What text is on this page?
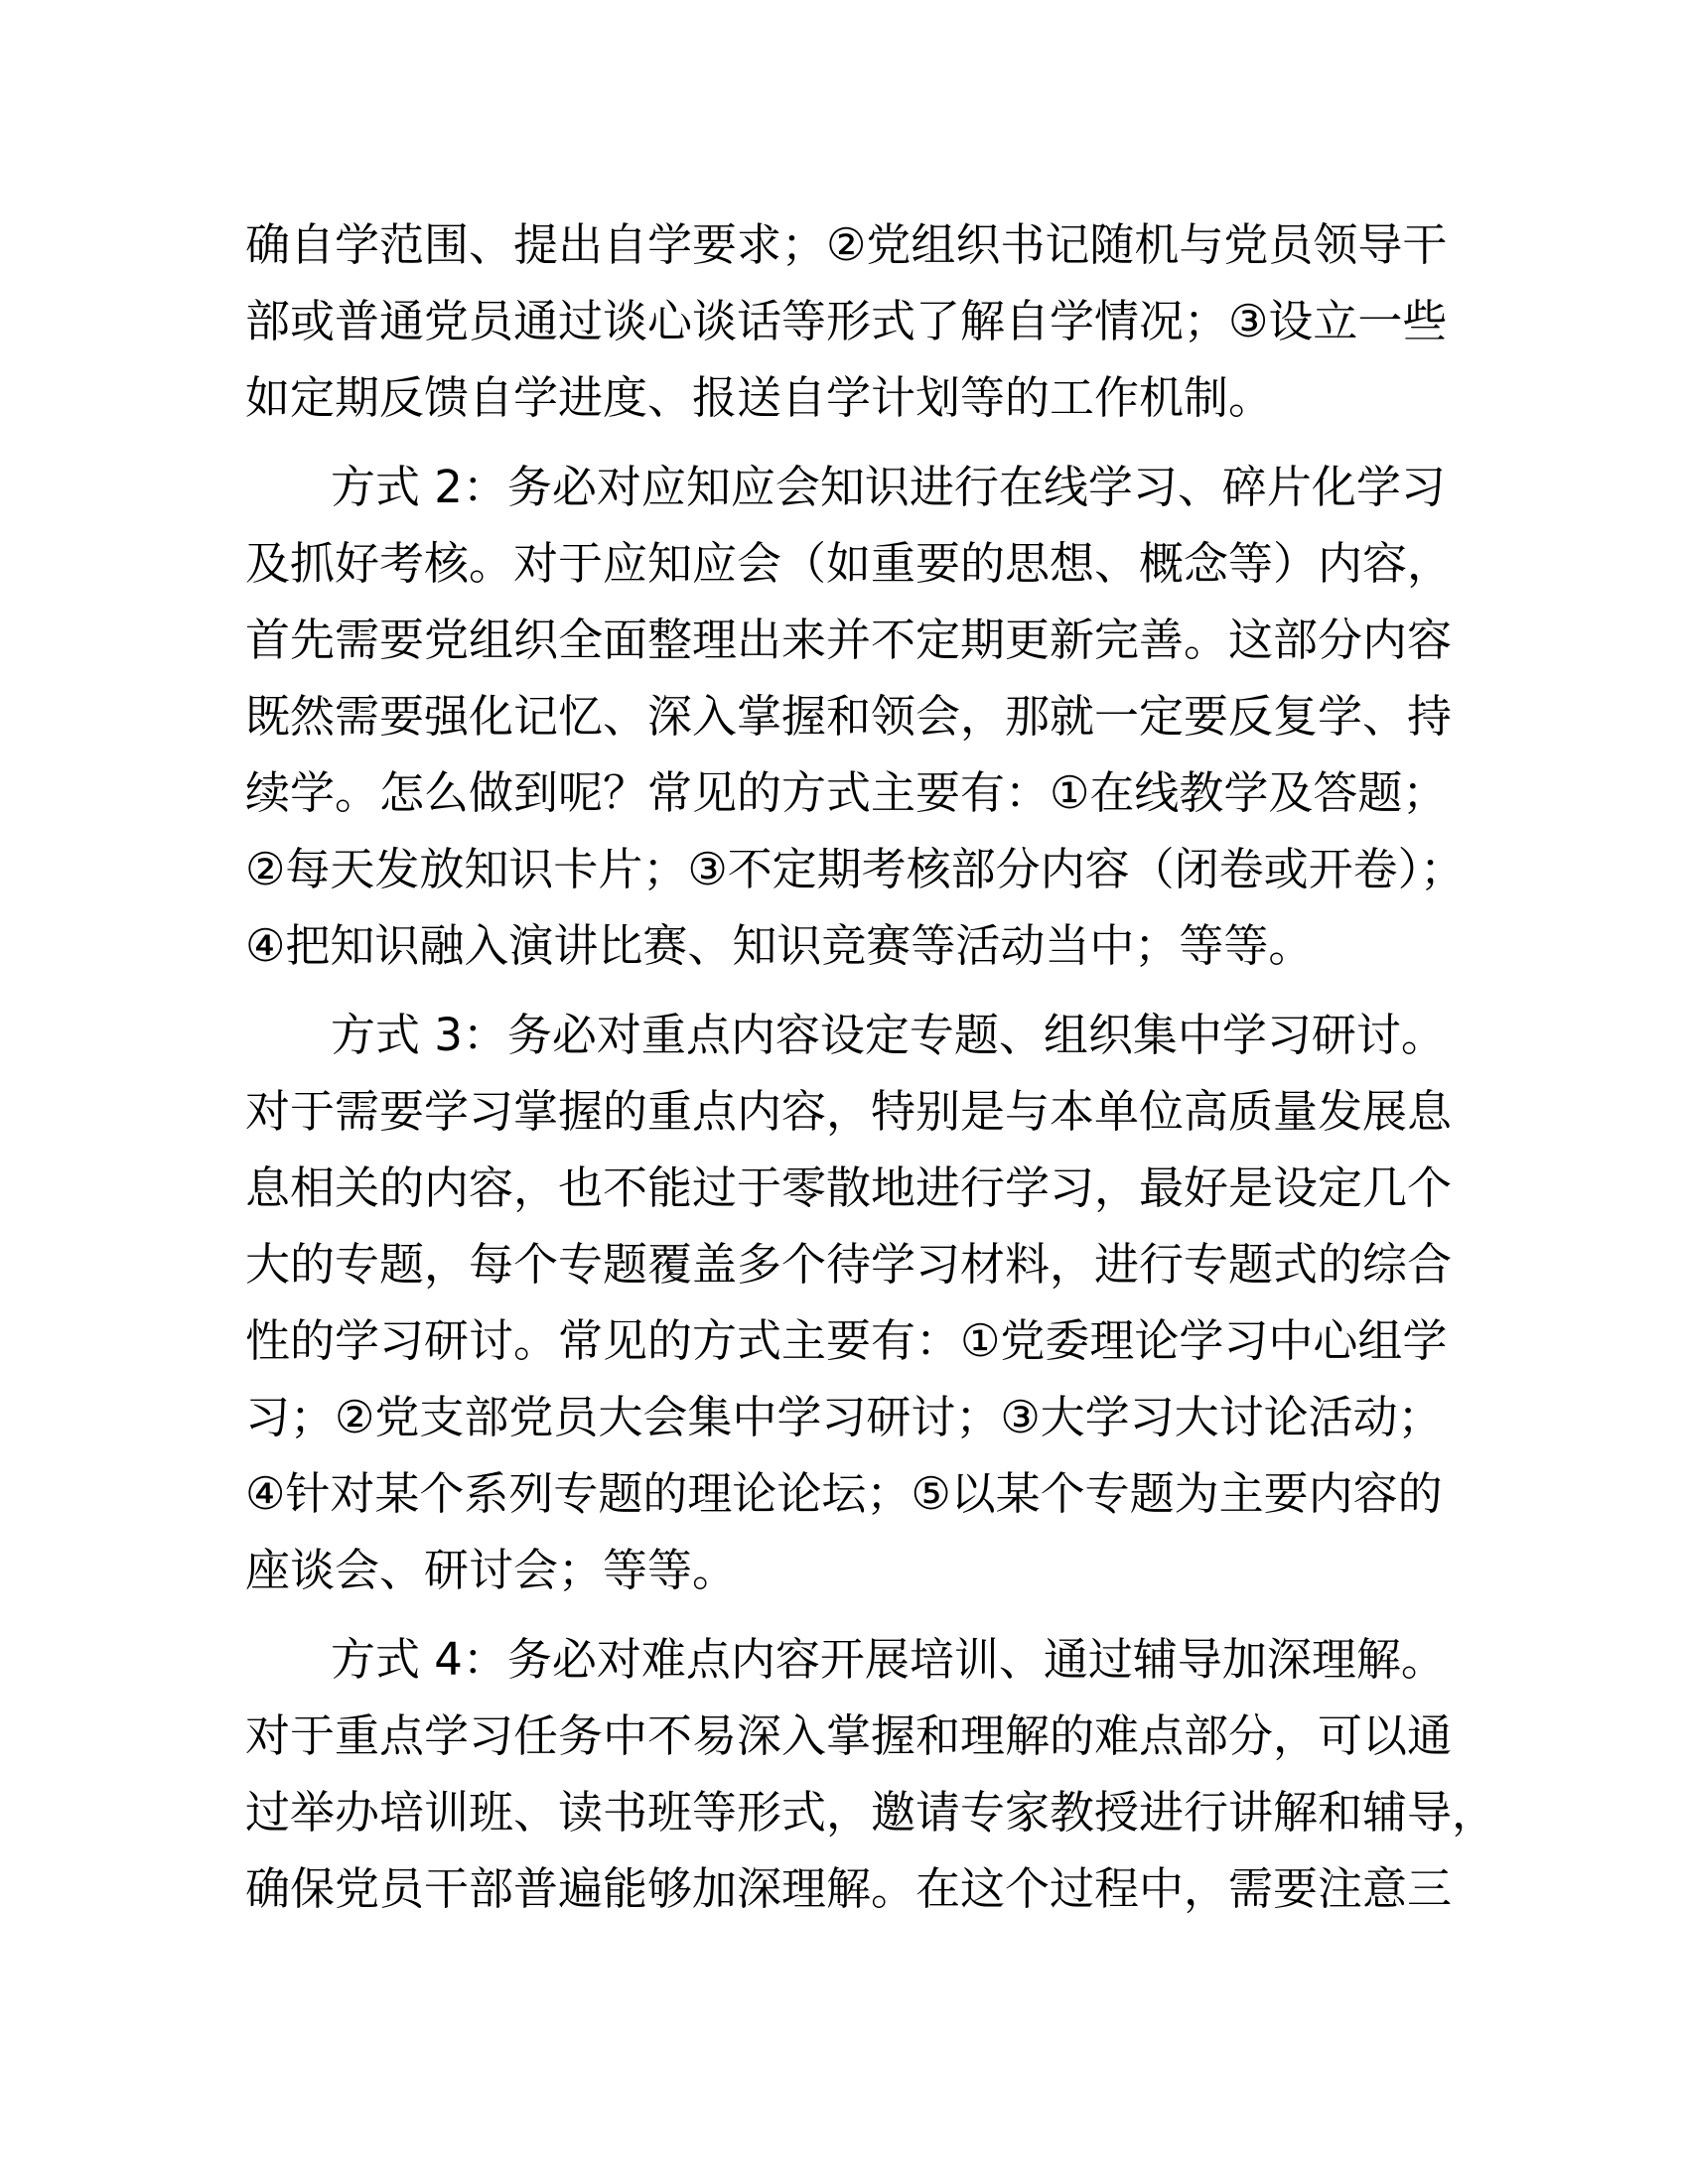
确自学范围、提出自学要求；②党组织书记随机与党员领导干
部或普通党员通过谈心谈话等形式了解自学情况；③设立一些
如定期反馈自学进度、报送自学计划等的工作机制。
方式 2：务必对应知应会知识进行在线学习、碎片化学习
及抓好考核。对于应知应会（如重要的思想、概念等）内容，
首先需要党组织全面整理出来并不定期更新完善。这部分内容
既然需要强化记忆、深入掌握和领会，那就一定要反复学、持
续学。怎么做到呢？常见的方式主要有：①在线教学及答题；
②每天发放知识卡片；③不定期考核部分内容（闭卷或开卷）；
④把知识融入演讲比赛、知识竞赛等活动当中；等等。
方式 3：务必对重点内容设定专题、组织集中学习研讨。
对于需要学习掌握的重点内容，特别是与本单位高质量发展息
息相关的内容，也不能过于零散地进行学习，最好是设定几个
大的专题，每个专题覆盖多个待学习材料，进行专题式的综合
性的学习研讨。常见的方式主要有：①党委理论学习中心组学
习；②党支部党员大会集中学习研讨；③大学习大讨论活动；
④针对某个系列专题的理论论坛；⑤以某个专题为主要内容的
座谈会、研讨会；等等。
方式 4：务必对难点内容开展培训、通过辅导加深理解。
对于重点学习任务中不易深入掌握和理解的难点部分，可以通
过举办培训班、读书班等形式，邀请专家教授进行讲解和辅导，
确保党员干部普遍能够加深理解。在这个过程中，需要注意三
